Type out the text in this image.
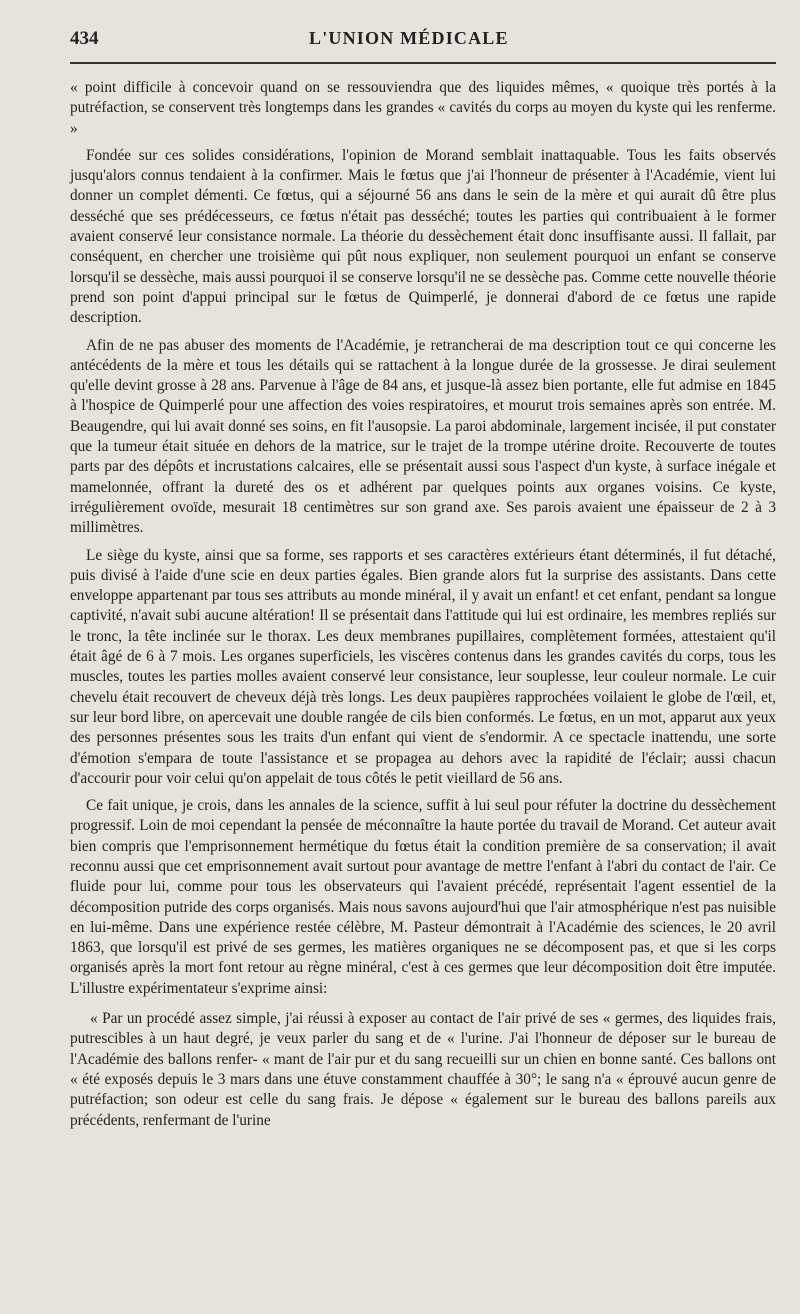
434	L'UNION MÉDICALE

« point difficile à concevoir quand on se ressouviendra que des liquides mêmes, « quoique très portés à la putréfaction, se conservent très longtemps dans les grandes « cavités du corps au moyen du kyste qui les renferme. »

Fondée sur ces solides considérations, l'opinion de Morand semblait inattaquable. Tous les faits observés jusqu'alors connus tendaient à la confirmer. Mais le fœtus que j'ai l'honneur de présenter à l'Académie, vient lui donner un complet démenti. Ce fœtus, qui a séjourné 56 ans dans le sein de la mère et qui aurait dû être plus desséché que ses prédécesseurs, ce fœtus n'était pas desséché; toutes les parties qui contribuaient à le former avaient conservé leur consistance normale. La théorie du dessèchement était donc insuffisante aussi. Il fallait, par conséquent, en chercher une troisième qui pût nous expliquer, non seulement pourquoi un enfant se conserve lorsqu'il se dessèche, mais aussi pourquoi il se conserve lorsqu'il ne se dessèche pas. Comme cette nouvelle théorie prend son point d'appui principal sur le fœtus de Quimperlé, je donnerai d'abord de ce fœtus une rapide description.

Afin de ne pas abuser des moments de l'Académie, je retrancherai de ma description tout ce qui concerne les antécédents de la mère et tous les détails qui se rattachent à la longue durée de la grossesse. Je dirai seulement qu'elle devint grosse à 28 ans. Parvenue à l'âge de 84 ans, et jusque-là assez bien portante, elle fut admise en 1845 à l'hospice de Quimperlé pour une affection des voies respiratoires, et mourut trois semaines après son entrée. M. Beaugendre, qui lui avait donné ses soins, en fit l'ausopsie. La paroi abdominale, largement incisée, il put constater que la tumeur était située en dehors de la matrice, sur le trajet de la trompe utérine droite. Recouverte de toutes parts par des dépôts et incrustations calcaires, elle se présentait aussi sous l'aspect d'un kyste, à surface inégale et mamelonnée, offrant la dureté des os et adhérent par quelques points aux organes voisins. Ce kyste, irrégulièrement ovoïde, mesurait 18 centimètres sur son grand axe. Ses parois avaient une épaisseur de 2 à 3 millimètres.

Le siège du kyste, ainsi que sa forme, ses rapports et ses caractères extérieurs étant déterminés, il fut détaché, puis divisé à l'aide d'une scie en deux parties égales. Bien grande alors fut la surprise des assistants. Dans cette enveloppe appartenant par tous ses attributs au monde minéral, il y avait un enfant! et cet enfant, pendant sa longue captivité, n'avait subi aucune altération! Il se présentait dans l'attitude qui lui est ordinaire, les membres repliés sur le tronc, la tête inclinée sur le thorax. Les deux membranes pupillaires, complètement formées, attestaient qu'il était âgé de 6 à 7 mois. Les organes superficiels, les viscères contenus dans les grandes cavités du corps, tous les muscles, toutes les parties molles avaient conservé leur consistance, leur souplesse, leur couleur normale. Le cuir chevelu était recouvert de cheveux déjà très longs. Les deux paupières rapprochées voilaient le globe de l'œil, et, sur leur bord libre, on apercevait une double rangée de cils bien conformés. Le fœtus, en un mot, apparut aux yeux des personnes présentes sous les traits d'un enfant qui vient de s'endormir. A ce spectacle inattendu, une sorte d'émotion s'empara de toute l'assistance et se propagea au dehors avec la rapidité de l'éclair; aussi chacun d'accourir pour voir celui qu'on appelait de tous côtés le petit vieillard de 56 ans.

Ce fait unique, je crois, dans les annales de la science, suffit à lui seul pour réfuter la doctrine du dessèchement progressif. Loin de moi cependant la pensée de méconnaître la haute portée du travail de Morand. Cet auteur avait bien compris que l'emprisonnement hermétique du fœtus était la condition première de sa conservation; il avait reconnu aussi que cet emprisonnement avait surtout pour avantage de mettre l'enfant à l'abri du contact de l'air. Ce fluide pour lui, comme pour tous les observateurs qui l'avaient précédé, représentait l'agent essentiel de la décomposition putride des corps organisés. Mais nous savons aujourd'hui que l'air atmosphérique n'est pas nuisible en lui-même. Dans une expérience restée célèbre, M. Pasteur démontrait à l'Académie des sciences, le 20 avril 1863, que lorsqu'il est privé de ses germes, les matières organiques ne se décomposent pas, et que si les corps organisés après la mort font retour au règne minéral, c'est à ces germes que leur décomposition doit être imputée. L'illustre expérimentateur s'exprime ainsi:

« Par un procédé assez simple, j'ai réussi à exposer au contact de l'air privé de ses « germes, des liquides frais, putrescibles à un haut degré, je veux parler du sang et de « l'urine. J'ai l'honneur de déposer sur le bureau de l'Académie des ballons renfer- « mant de l'air pur et du sang recueilli sur un chien en bonne santé. Ces ballons ont « été exposés depuis le 3 mars dans une étuve constamment chauffée à 30°; le sang n'a « éprouvé aucun genre de putréfaction; son odeur est celle du sang frais. Je dépose « également sur le bureau des ballons pareils aux précédents, renfermant de l'urine
